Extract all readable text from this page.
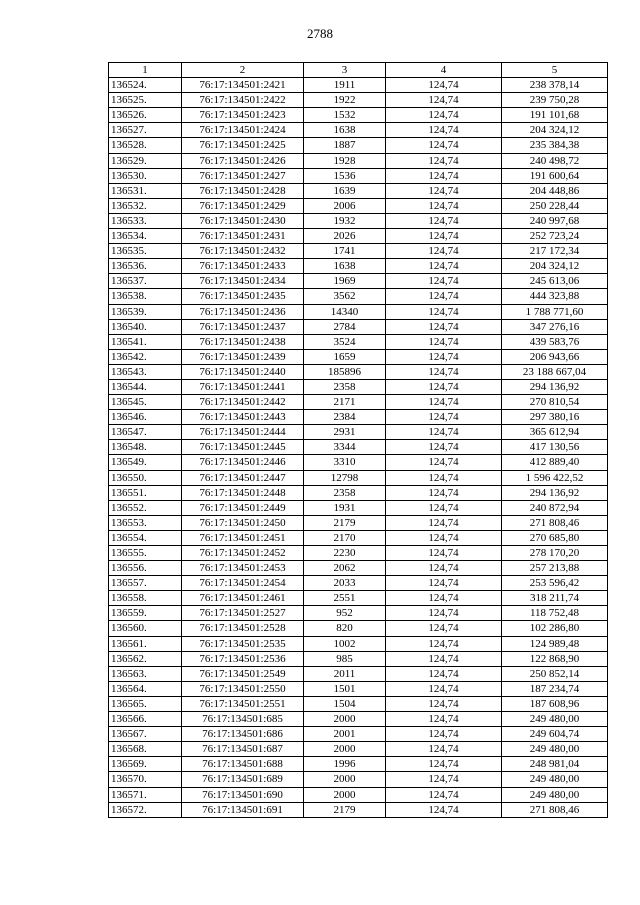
2788
1	2	3	4	5
136524.	76:17:134501:2421	1911	124,74	238 378,14
136525.	76:17:134501:2422	1922	124,74	239 750,28
136526.	76:17:134501:2423	1532	124,74	191 101,68
136527.	76:17:134501:2424	1638	124,74	204 324,12
136528.	76:17:134501:2425	1887	124,74	235 384,38
136529.	76:17:134501:2426	1928	124,74	240 498,72
136530.	76:17:134501:2427	1536	124,74	191 600,64
136531.	76:17:134501:2428	1639	124,74	204 448,86
136532.	76:17:134501:2429	2006	124,74	250 228,44
136533.	76:17:134501:2430	1932	124,74	240 997,68
136534.	76:17:134501:2431	2026	124,74	252 723,24
136535.	76:17:134501:2432	1741	124,74	217 172,34
136536.	76:17:134501:2433	1638	124,74	204 324,12
136537.	76:17:134501:2434	1969	124,74	245 613,06
136538.	76:17:134501:2435	3562	124,74	444 323,88
136539.	76:17:134501:2436	14340	124,74	1 788 771,60
136540.	76:17:134501:2437	2784	124,74	347 276,16
136541.	76:17:134501:2438	3524	124,74	439 583,76
136542.	76:17:134501:2439	1659	124,74	206 943,66
136543.	76:17:134501:2440	185896	124,74	23 188 667,04
136544.	76:17:134501:2441	2358	124,74	294 136,92
136545.	76:17:134501:2442	2171	124,74	270 810,54
136546.	76:17:134501:2443	2384	124,74	297 380,16
136547.	76:17:134501:2444	2931	124,74	365 612,94
136548.	76:17:134501:2445	3344	124,74	417 130,56
136549.	76:17:134501:2446	3310	124,74	412 889,40
136550.	76:17:134501:2447	12798	124,74	1 596 422,52
136551.	76:17:134501:2448	2358	124,74	294 136,92
136552.	76:17:134501:2449	1931	124,74	240 872,94
136553.	76:17:134501:2450	2179	124,74	271 808,46
136554.	76:17:134501:2451	2170	124,74	270 685,80
136555.	76:17:134501:2452	2230	124,74	278 170,20
136556.	76:17:134501:2453	2062	124,74	257 213,88
136557.	76:17:134501:2454	2033	124,74	253 596,42
136558.	76:17:134501:2461	2551	124,74	318 211,74
136559.	76:17:134501:2527	952	124,74	118 752,48
136560.	76:17:134501:2528	820	124,74	102 286,80
136561.	76:17:134501:2535	1002	124,74	124 989,48
136562.	76:17:134501:2536	985	124,74	122 868,90
136563.	76:17:134501:2549	2011	124,74	250 852,14
136564.	76:17:134501:2550	1501	124,74	187 234,74
136565.	76:17:134501:2551	1504	124,74	187 608,96
136566.	76:17:134501:685	2000	124,74	249 480,00
136567.	76:17:134501:686	2001	124,74	249 604,74
136568.	76:17:134501:687	2000	124,74	249 480,00
136569.	76:17:134501:688	1996	124,74	248 981,04
136570.	76:17:134501:689	2000	124,74	249 480,00
136571.	76:17:134501:690	2000	124,74	249 480,00
136572.	76:17:134501:691	2179	124,74	271 808,46
